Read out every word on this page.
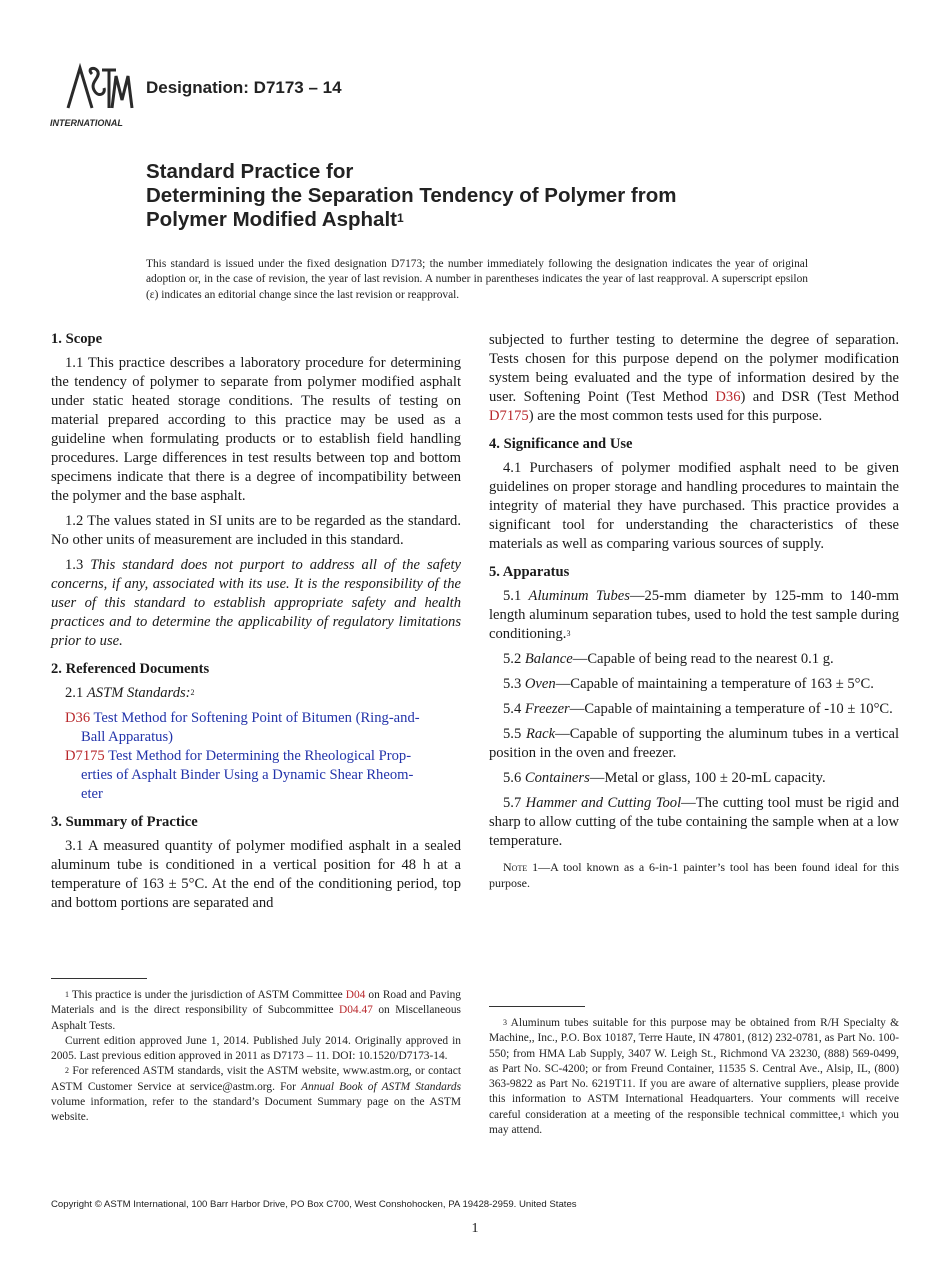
INTERNATIONAL
Designation: D7173 – 14
Standard Practice for
Determining the Separation Tendency of Polymer from
Polymer Modified Asphalt$^1$
This standard is issued under the fixed designation D7173; the number immediately following the designation indicates the year of original adoption or, in the case of revision, the year of last revision. A number in parentheses indicates the year of last reapproval. A superscript epsilon (ε) indicates an editorial change since the last revision or reapproval.
1. Scope

1.1 This practice describes a laboratory procedure for determining the tendency of polymer to separate from polymer modified asphalt under static heated storage conditions. The results of testing on material prepared according to this practice may be used as a guideline when formulating products or to establish field handling procedures. Large differences in test results between top and bottom specimens indicate that there is a degree of incompatibility between the polymer and the base asphalt.

1.2 The values stated in SI units are to be regarded as the standard. No other units of measurement are included in this standard.

1.3 This standard does not purport to address all of the safety concerns, if any, associated with its use. It is the responsibility of the user of this standard to establish appropriate safety and health practices and to determine the applicability of regulatory limitations prior to use.

2. Referenced Documents

2.1 ASTM Standards:$^2$

D36 Test Method for Softening Point of Bitumen (Ring-and-
Ball Apparatus)
D7175 Test Method for Determining the Rheological Prop-
erties of Asphalt Binder Using a Dynamic Shear Rheom-
eter
3. Summary of Practice

3.1 A measured quantity of polymer modified asphalt in a sealed aluminum tube is conditioned in a vertical position for 48 h at a temperature of 163 ± 5°C. At the end of the conditioning period, top and bottom portions are separated and

$^1$ This practice is under the jurisdiction of ASTM Committee D04 on Road and Paving Materials and is the direct responsibility of Subcommittee D04.47 on Miscellaneous Asphalt Tests.

Current edition approved June 1, 2014. Published July 2014. Originally approved in 2005. Last previous edition approved in 2011 as D7173 – 11. DOI: 10.1520/D7173-14.

$^2$ For referenced ASTM standards, visit the ASTM website, www.astm.org, or contact ASTM Customer Service at service@astm.org. For Annual Book of ASTM Standards volume information, refer to the standard’s Document Summary page on the ASTM website.

subjected to further testing to determine the degree of separation. Tests chosen for this purpose depend on the polymer modification system being evaluated and the type of information desired by the user. Softening Point (Test Method D36) and DSR (Test Method D7175) are the most common tests used for this purpose.

4. Significance and Use

4.1 Purchasers of polymer modified asphalt need to be given guidelines on proper storage and handling procedures to maintain the integrity of material they have purchased. This practice provides a significant tool for understanding the characteristics of these materials as well as comparing various sources of supply.

5. Apparatus

5.1 Aluminum Tubes—25-mm diameter by 125-mm to 140-mm length aluminum separation tubes, used to hold the test sample during conditioning.$^3$

5.2 Balance—Capable of being read to the nearest 0.1 g.

5.3 Oven—Capable of maintaining a temperature of 163 ± 5°C.

5.4 Freezer—Capable of maintaining a temperature of -10 ± 10°C.

5.5 Rack—Capable of supporting the aluminum tubes in a vertical position in the oven and freezer.

5.6 Containers—Metal or glass, 100 ± 20-mL capacity.

5.7 Hammer and Cutting Tool—The cutting tool must be rigid and sharp to allow cutting of the tube containing the sample when at a low temperature.

Note 1—A tool known as a 6-in-1 painter’s tool has been found ideal for this purpose.

$^3$ Aluminum tubes suitable for this purpose may be obtained from R/H Specialty & Machine,, Inc., P.O. Box 10187, Terre Haute, IN 47801, (812) 232-0781, as Part No. 100-550; from HMA Lab Supply, 3407 W. Leigh St., Richmond VA 23230, (888) 569-0499, as Part No. SC-4200; or from Freund Container, 11535 S. Central Ave., Alsip, IL, (800) 363-9822 as Part No. 6219T11. If you are aware of alternative suppliers, please provide this information to ASTM International Headquarters. Your comments will receive careful consideration at a meeting of the responsible technical committee,$^1$ which you may attend.

Copyright © ASTM International, 100 Barr Harbor Drive, PO Box C700, West Conshohocken, PA 19428-2959. United States
1
